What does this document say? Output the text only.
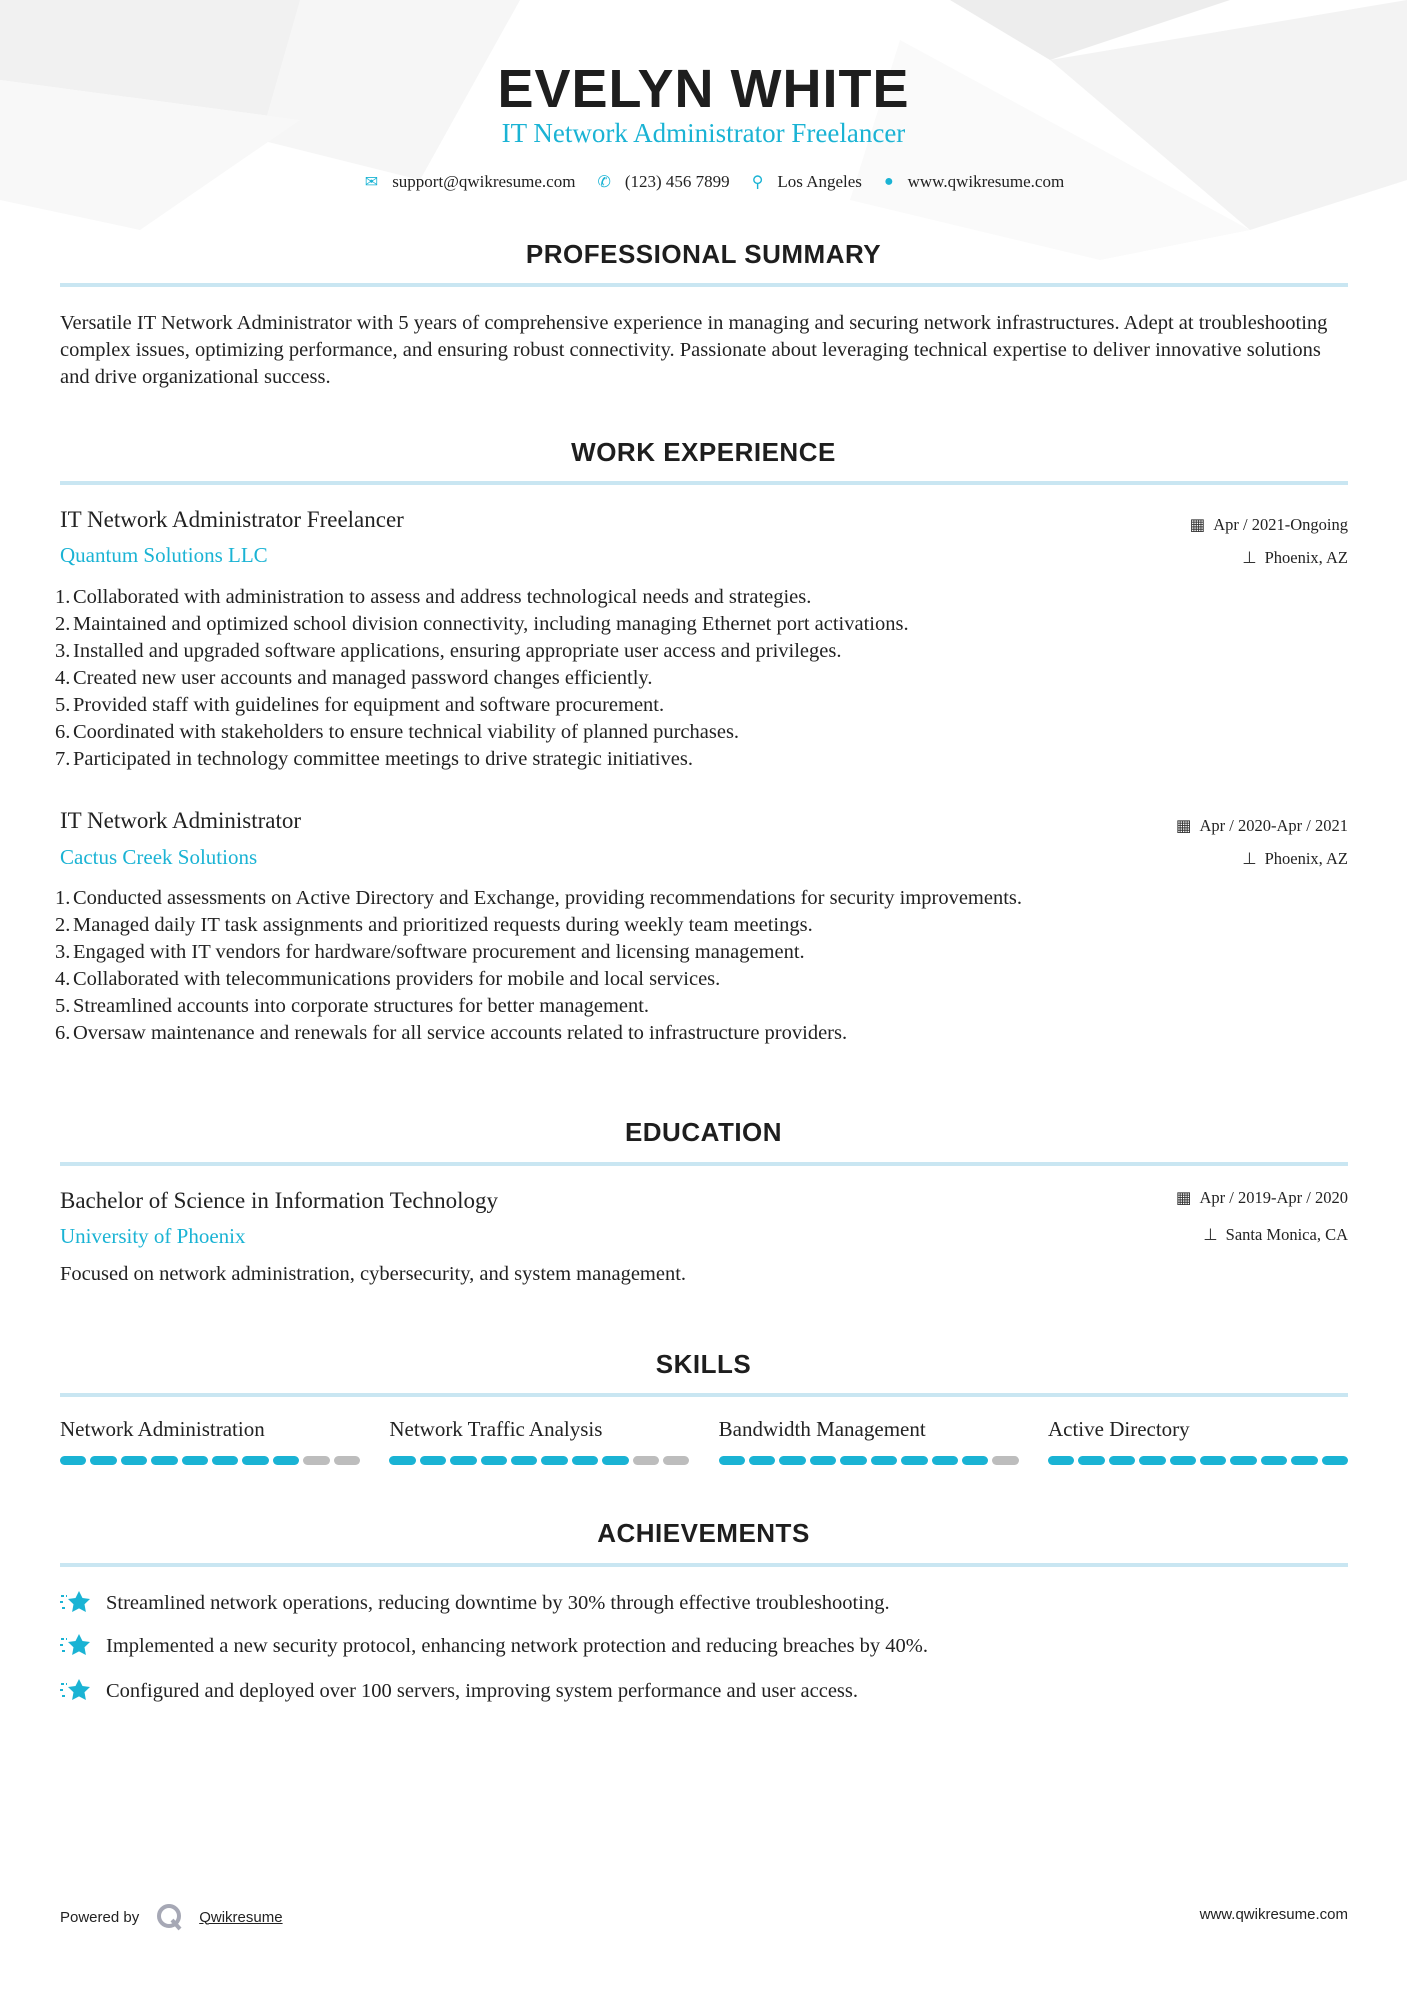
EVELYN WHITE
IT Network Administrator Freelancer
✉ support@qwikresume.com ✆ (123) 456 7899 ⚲ Los Angeles ● www.qwikresume.com
PROFESSIONAL SUMMARY
Versatile IT Network Administrator with 5 years of comprehensive experience in managing and securing network infrastructures. Adept at troubleshooting complex issues, optimizing performance, and ensuring robust connectivity. Passionate about leveraging technical expertise to deliver innovative solutions and drive organizational success.
WORK EXPERIENCE
IT Network Administrator Freelancer
Quantum Solutions LLC
▦ Apr / 2021-Ongoing
⊥ Phoenix, AZ
1. Collaborated with administration to assess and address technological needs and strategies.
2. Maintained and optimized school division connectivity, including managing Ethernet port activations.
3. Installed and upgraded software applications, ensuring appropriate user access and privileges.
4. Created new user accounts and managed password changes efficiently.
5. Provided staff with guidelines for equipment and software procurement.
6. Coordinated with stakeholders to ensure technical viability of planned purchases.
7. Participated in technology committee meetings to drive strategic initiatives.
IT Network Administrator
Cactus Creek Solutions
▦ Apr / 2020-Apr / 2021
⊥ Phoenix, AZ
1. Conducted assessments on Active Directory and Exchange, providing recommendations for security improvements.
2. Managed daily IT task assignments and prioritized requests during weekly team meetings.
3. Engaged with IT vendors for hardware/software procurement and licensing management.
4. Collaborated with telecommunications providers for mobile and local services.
5. Streamlined accounts into corporate structures for better management.
6. Oversaw maintenance and renewals for all service accounts related to infrastructure providers.
EDUCATION
Bachelor of Science in Information Technology
University of Phoenix
▦ Apr / 2019-Apr / 2020
⊥ Santa Monica, CA
Focused on network administration, cybersecurity, and system management.
SKILLS
Network Administration	Network Traffic Analysis	Bandwidth Management	Active Directory
ACHIEVEMENTS
Streamlined network operations, reducing downtime by 30% through effective troubleshooting.
Implemented a new security protocol, enhancing network protection and reducing breaches by 40%.
Configured and deployed over 100 servers, improving system performance and user access.
Powered by	Qwikresume	www.qwikresume.com
